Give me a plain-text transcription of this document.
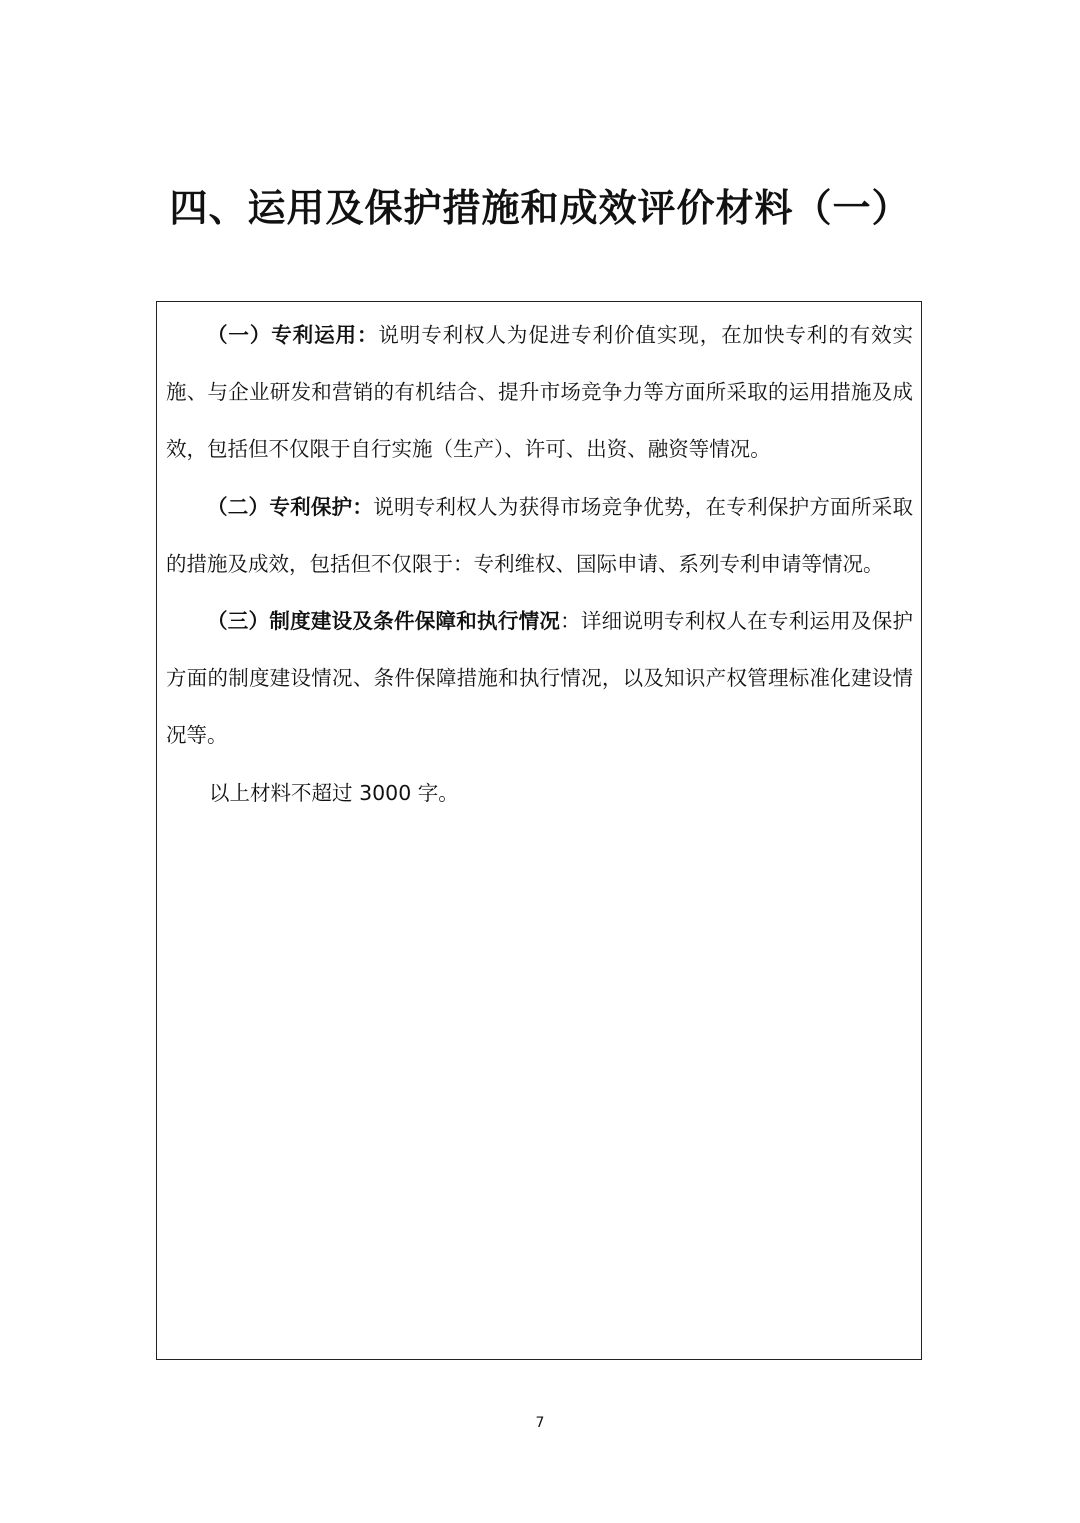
四、运用及保护措施和成效评价材料（一）

（一）专利运用：说明专利权人为促进专利价值实现，在加快专利的有效实施、与企业研发和营销的有机结合、提升市场竞争力等方面所采取的运用措施及成效，包括但不仅限于自行实施（生产）、许可、出资、融资等情况。

（二）专利保护：说明专利权人为获得市场竞争优势，在专利保护方面所采取的措施及成效，包括但不仅限于：专利维权、国际申请、系列专利申请等情况。

（三）制度建设及条件保障和执行情况：详细说明专利权人在专利运用及保护方面的制度建设情况、条件保障措施和执行情况，以及知识产权管理标准化建设情况等。

以上材料不超过 3000 字。

7
